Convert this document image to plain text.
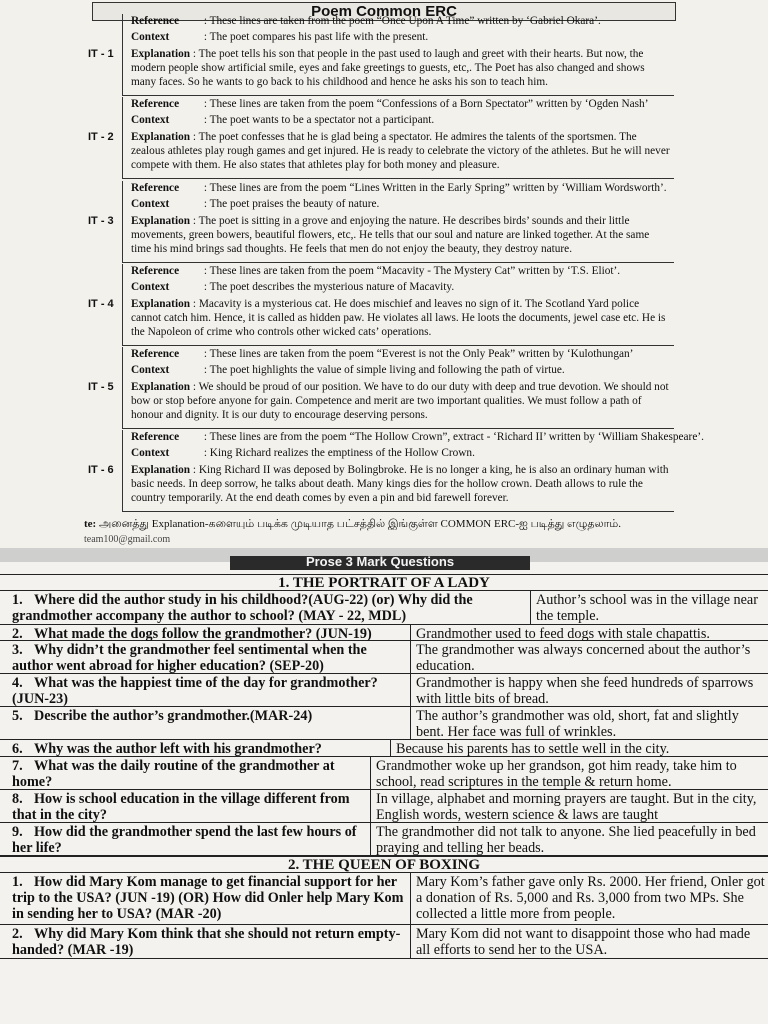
Poem Common ERC
IT - 1
Reference : These lines are taken from the poem “Once Upon A Time” written by ‘Gabriel Okara’.
Context	: The poet compares his past life with the present.
Explanation : The poet tells his son that people in the past used to laugh and greet with their hearts. But now, the modern people show artificial smile, eyes and fake greetings to guests, etc,. The Poet has also changed and shows many faces. So he wants to go back to his childhood and hence he asks his son to teach him.
IT - 2
Reference : These lines are taken from the poem “Confessions of a Born Spectator” written by ‘Ogden Nash’
Context	: The poet wants to be a spectator not a participant.
Explanation : The poet confesses that he is glad being a spectator. He admires the talents of the sportsmen. The zealous athletes play rough games and get injured. He is ready to celebrate the victory of the athletes. But he will never compete with them. He also states that athletes play for both money and pleasure.
IT - 3
Reference : These lines are from the poem “Lines Written in the Early Spring” written by ‘William Wordsworth’.
Context	: The poet praises the beauty of nature.
Explanation : The poet is sitting in a grove and enjoying the nature. He describes birds’ sounds and their little movements, green bowers, beautiful flowers, etc,. He tells that our soul and nature are linked together. At the same time his mind brings sad thoughts. He feels that men do not enjoy the beauty, they destroy nature.
IT - 4
Reference : These lines are taken from the poem “Macavity - The Mystery Cat” written by ‘T.S. Eliot’.
Context	: The poet describes the mysterious nature of Macavity.
Explanation : Macavity is a mysterious cat. He does mischief and leaves no sign of it. The Scotland Yard police cannot catch him. Hence, it is called as hidden paw. He violates all laws. He loots the documents, jewel case etc. He is the Napoleon of crime who controls other wicked cats’ operations.
IT - 5
Reference : These lines are taken from the poem “Everest is not the Only Peak” written by ‘Kulothungan’
Context	: The poet highlights the value of simple living and following the path of virtue.
Explanation : We should be proud of our position. We have to do our duty with deep and true devotion. We should not bow or stop before anyone for gain. Competence and merit are two important qualities. We must follow a path of honour and dignity. It is our duty to encourage deserving persons.
IT - 6
Reference : These lines are from the poem “The Hollow Crown”, extract - ‘Richard II’ written by ‘William Shakespeare’.
Context	: King Richard realizes the emptiness of the Hollow Crown.
Explanation : King Richard II was deposed by Bolingbroke. He is no longer a king, he is also an ordinary human with basic needs. In deep sorrow, he talks about death. Many kings dies for the hollow crown. Death allows to rule the country temporarily. At the end death comes by even a pin and bid farewell forever.
te: அனைத்து Explanation-களையும் படிக்க முடியாத பட்சத்தில் இங்குள்ள COMMON ERC-ஐ படித்து எழுதலாம்.
team100@gmail.com
Prose 3 Mark Questions
1. THE PORTRAIT OF A LADY
1. Where did the author study in his childhood?(AUG-22) (or) Why did the grandmother accompany the author to school? (MAY - 22, MDL)
Author’s school was in the village near the temple.
2. What made the dogs follow the grandmother? (JUN-19)	Grandmother used to feed dogs with stale chapattis.
3. Why didn’t the grandmother feel sentimental when the author went abroad for higher education? (SEP-20)
The grandmother was always concerned about the author’s education.
4. What was the happiest time of the day for grandmother? (JUN-23)
Grandmother is happy when she feed hundreds of sparrows with little bits of bread.
5. Describe the author’s grandmother.(MAR-24)	The author’s grandmother was old, short, fat and slightly bent. Her face was full of wrinkles.
6. Why was the author left with his grandmother?	Because his parents has to settle well in the city.
7. What was the daily routine of the grandmother at home?
Grandmother woke up her grandson, got him ready, take him to school, read scriptures in the temple & return home.
8. How is school education in the village different from that in the city?
In village, alphabet and morning prayers are taught. But in the city, English words, western science & laws are taught
9. How did the grandmother spend the last few hours of her life?
The grandmother did not talk to anyone. She lied peacefully in bed praying and telling her beads.
2. THE QUEEN OF BOXING
1. How did Mary Kom manage to get financial support for her trip to the USA? (JUN -19) (OR) How did Onler help Mary Kom in sending her to USA? (MAR -20)
Mary Kom’s father gave only Rs. 2000. Her friend, Onler got a donation of Rs. 5,000 and Rs. 3,000 from two MPs. She collected a little more from people.
2. Why did Mary Kom think that she should not return empty-handed? (MAR -19)
Mary Kom did not want to disappoint those who had made all efforts to send her to the USA.
